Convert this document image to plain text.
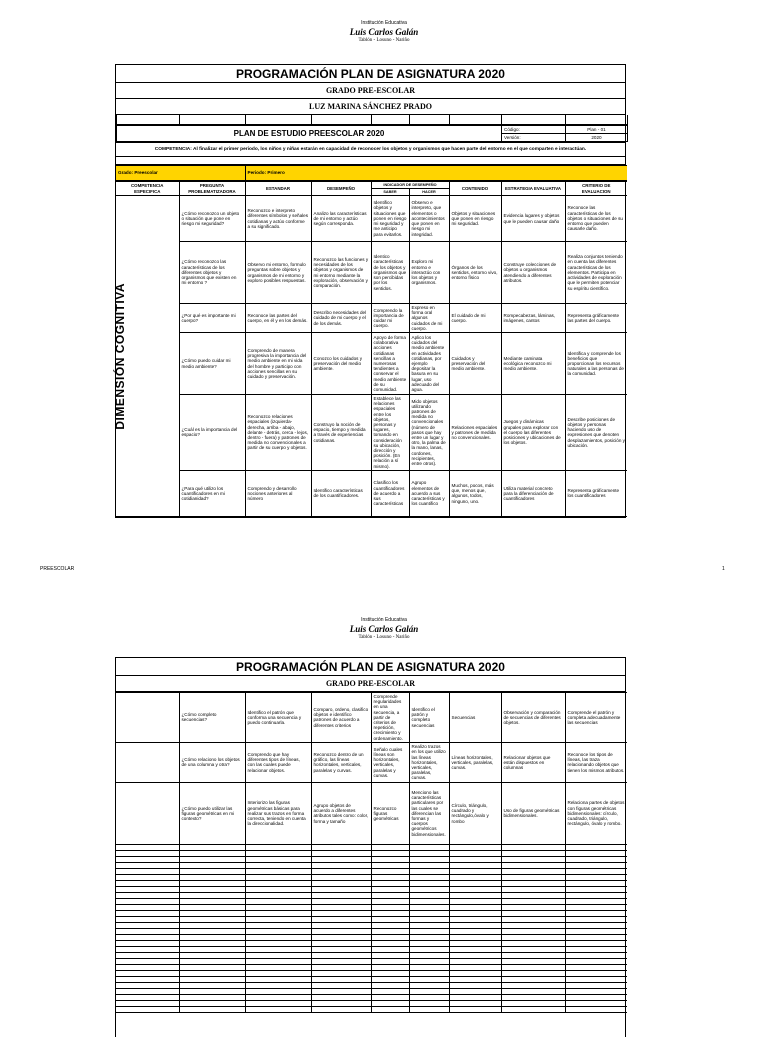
Institución Educativa
Luis Carlos Galán
Tablón - Losuno - Nariño
PROGRAMACIÓN PLAN DE ASIGNATURA 2020
GRADO PRE-ESCOLAR
LUZ MARINA SÁNCHEZ PRADO

PLAN DE ESTUDIO PREESCOLAR 2020	Código:	Plan - 01
	Versión:	2020
COMPETENCIA: Al finalizar el primer periodo, los niños y niñas estarán en capacidad de reconocer los objetos y organismos que hacen parte del entorno en el que comparten e interactúan.
Grado: Preescolar	Periodo: Primero
COMPETENCIA ESPECIFICA	PREGUNTA PROBLEMATIZADORA	ESTANDAR	DESEMPEÑO	INDICADOR DE DESEMPEÑO		CONTENIDO	ESTRATEGIA EVALUATIVA	CRITERIO DE EVALUACION
				SABER	HACER			

DIMENSIÓN COGNITIVA	¿Cómo reconozco un objeto o situación que pone en riesgo mi seguridad?	Reconozco e interpreto diferentes símbolos y señales cotidianas y actúo conforme a su significado.	Analizo las características de mi entorno y actúo según corresponda.	Identifico objetos y situaciones que ponen en riesgo mi seguridad y me anticipo para evitarlos.	Observo e interpreto, que elementos o acontecimientos que ponen en riesgo mi integridad.	Objetos y situaciones que ponen en riesgo mi seguridad.	Evidencia lugares y objetos que le pueden causar daño	Reconoce las características de los objetos o situaciones de su entorno que pueden causarle daño.
	¿Cómo reconozco las características de los diferentes objetos y organismos que existen en mi entorno ?	Observo mi entorno, formulo preguntas sobre objetos y organismos de mi entorno y exploro posibles respuestas.	Reconozco las funciones y necesidades de los objetos y organismos de mi entorno mediante la exploración, observación y comparación.	Identico características de los objetos y organismos que son percibidas por los sentidos.	Exploro mi entorno e interactúo con los objetos y organismos.	Órganos de los sentidos, entorno vivo, entorno físico	Construye colecciones de objetos u organismos atendiendo a diferentes atributos.	Realiza conjuntos teniendo en cuenta las diferentes características de los elementos. Participa en actividades de exploración que le permiten potenciar su espíritu científico.
	¿Por qué es importante mi cuerpo?	Reconoce las partes del cuerpo, en él y en los demás.	Describo necesidades del cuidado de mi cuerpo y el de los demás.	Comprendo la importancia de cuidar mi cuerpo.	Expreso en forma oral algunos cuidados de mi cuerpo.	El cuidado de mi cuerpo.	Rompecabezas, láminas, imágenes, cantos	Representa gráficamente las partes del cuerpo.
	¿Cómo puedo cuidar mi medio ambiente?	Comprendo de manera progresiva la importancia del medio ambiente en mi vida del hombre y participo con acciones sencillas en su cuidado y preservación.	Conozco los cuidados y preservación del medio ambiente.	Apoyo de forma colaborativa acciones cotidianas sencillas a numerosas tendientes a conservar el medio ambiente de su comunidad.	Aplico los cuidados del medio ambiente en actividades cotidianas, por ejemplo depositar la basura en su lugar, uso adecuado del agua.	Cuidados y preservación del medio ambiente.	Mediante caminata ecológica reconozco mi medio ambiente.	Identifica y comprende los beneficios que proporcionan los recursos naturales a las personas de la comunidad.
	¿Cuál es la importancia del espacio?	Reconozco relaciones espaciales (izquierda-derecha, arriba - abajo, delante - detrás, cerca - lejos, dentro - fuera) y patrones de medida no convencionales a partir de su cuerpo y objetos.	Construyo la noción de espacio, tiempo y medida a través de experiencias cotidianas.	Establece las relaciones espaciales entre los objetos, personas y lugares, tomando en consideración su ubicación, dirección y posición. (En relación a sí mismo).	Mido objetos utilizando patrones de medida no convencionales (número de pasos que hay entre un lugar y otro, la palma de la mano, lanas, cordones, recipientes, entre otros).	Relaciones espaciales y patrones de medida no convencionales.	Juegos y dinámicas grupales para explorar con el cuerpo las diferentes posiciones y ubicaciones de los objetos.	Describe posiciones de objetos y personas haciendo uso de expresiones que denoten desplazamientos, posición y ubicación.
	¿Para qué utilizo los cuantificadores en mi cotidianidad?	Comprendo y desarrollo nociones anteriores al número	Identifico características de los cuantificadores.	Clasifico los cuantificadores de acuerdo a sus características	Agrupo elementos de acuerdo a sus características y los cuantifico	Muchos, pocos, más que, menos que, algunos, todos, ninguno, uno.	Utiliza material concreto para la diferenciación de cuantificadores	Representa gráficamente los cuantificadores
PREESCOLAR	1
Institución Educativa
Luis Carlos Galán
Tablón - Losuno - Nariño
PROGRAMACIÓN PLAN DE ASIGNATURA 2020
GRADO PRE-ESCOLAR
	¿Cómo completo secuencias?	Identifico el patrón que conforma una secuencia y puedo continuarla.	Comparo, ordeno, clasifico objetos e identifico patrones de acuerdo a diferentes criterios	Comprende regularidades en una secuencia, a partir de criterios de repetición, crecimiento y ordenamiento.	Identifico el patrón y completo secuencias	Secuencias	Observación y comparación de secuencias de diferentes objetos.	Comprende el patrón y completa adecuadamente las secuencias
	¿Cómo relaciono los objetos de una columna y otra?	Comprendo que hay diferentes tipos de líneas, con las cuales puede relacionar objetos.	Reconozco dentro de un gráfico, las líneas horizontales, verticales, paralelas y curvas.	Señalo cuales líneas son horizontales, verticales, paralelas y curvas.	Realizo trazos en los que utilizo las líneas horizontales, verticales, paralelas, curvas.	Líneas horizontales, verticales, paralelas, curvas.	Relacionar objetos que están dispuestos en columnas	Reconoce los tipos de líneas, las traza relacionando objetos que tienen los mismos atributos.
	¿Cómo puedo utilizar las figuras geométricas en mi contexto?	Interiorizo las figuras geométricas básicas para realizar sus trazos en forma correcta, teniendo en cuenta la direccionalidad.	Agrupo objetos de acuerdo a diferentes atributos tales como: color, forma y tamaño	Reconozco figuras geométricas	Menciono las características particulares por las cuales se diferencian las formas y cuerpos geométricos bidimensionales.	Círculo, triángulo, cuadrado y rectángulo,óvalo y rombo	Uso de figuras geométricas bidimensionales.	Relaciona partes de objetos con figuras geométricas bidimensionales: círculo, cuadrado, triángulo, rectángulo, óvalo y rombo.
